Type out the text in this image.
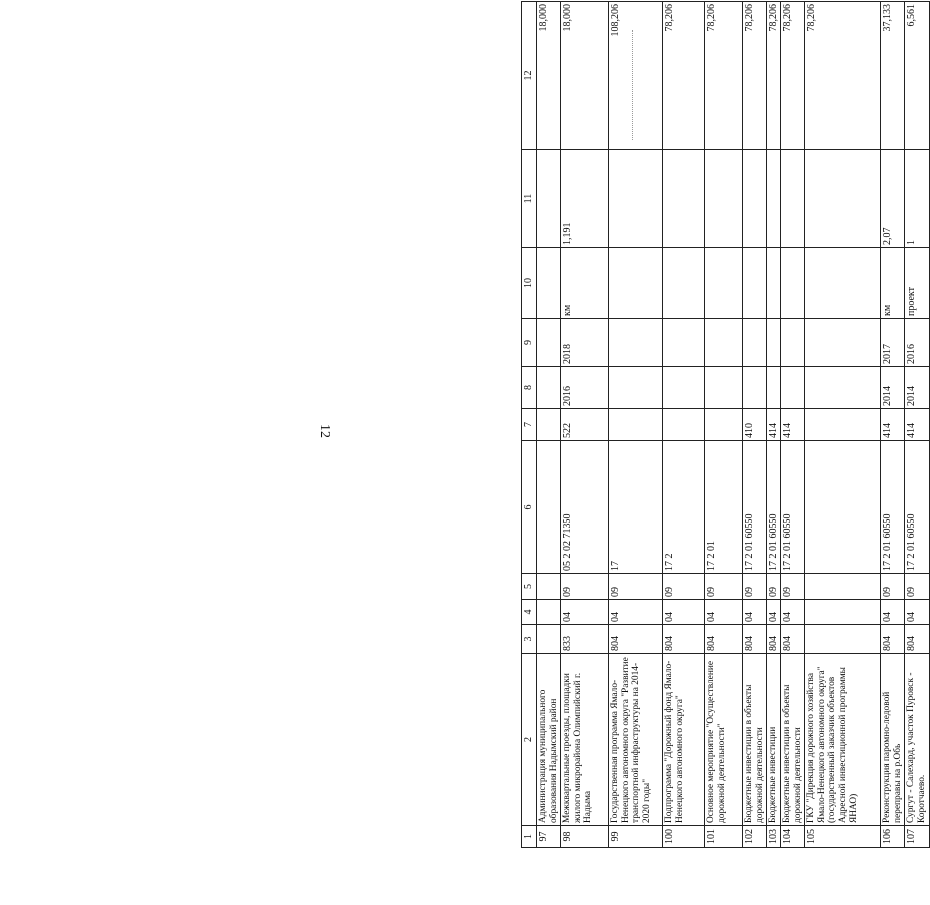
12
1	2	3	4	5	6	7	8	9	10	11	12
97	Администрация муниципального образования Надымский район										18,000
98	Межквартальные проезды, площадки жилого микрорайона Олимпийский г. Надыма	833	04	09	05 2 02 71350	522	2016	2018	км	1,191	18,000
99	Государственная программа Ямало-Ненецкого автономного округа "Развитие транспортной инфраструктуры на 2014-2020 годы"	804	04	09	17						108,206
100	Подпрограмма "Дорожный фонд Ямало-Ненецкого автономного округа"	804	04	09	17 2						78,206
101	Основное мероприятие "Осуществление дорожной деятельности"	804	04	09	17 2 01						78,206
102	Бюджетные инвестиции в объекты дорожной деятельности	804	04	09	17 2 01 60550	410					78,206
103	Бюджетные инвестиции	804	04	09	17 2 01 60550	414					78,206
104	Бюджетные инвестиции в объекты дорожной деятельности	804	04	09	17 2 01 60550	414					78,206
105	ГКУ "Дирекция дорожного хозяйства Ямало-Ненецкого автономного округа" (государственный заказчик объектов Адресной инвестиционной программы ЯНАО)										78,206
106	Реконструкция паромно-ледовой переправы на р.Обь	804	04	09	17 2 01 60550	414	2014	2017	км	2,07	37,133
107	Сургут - Салехард, участок Пуровск - Коротчаево.	804	04	09	17 2 01 60550	414	2014	2016	проект	1	6,561
